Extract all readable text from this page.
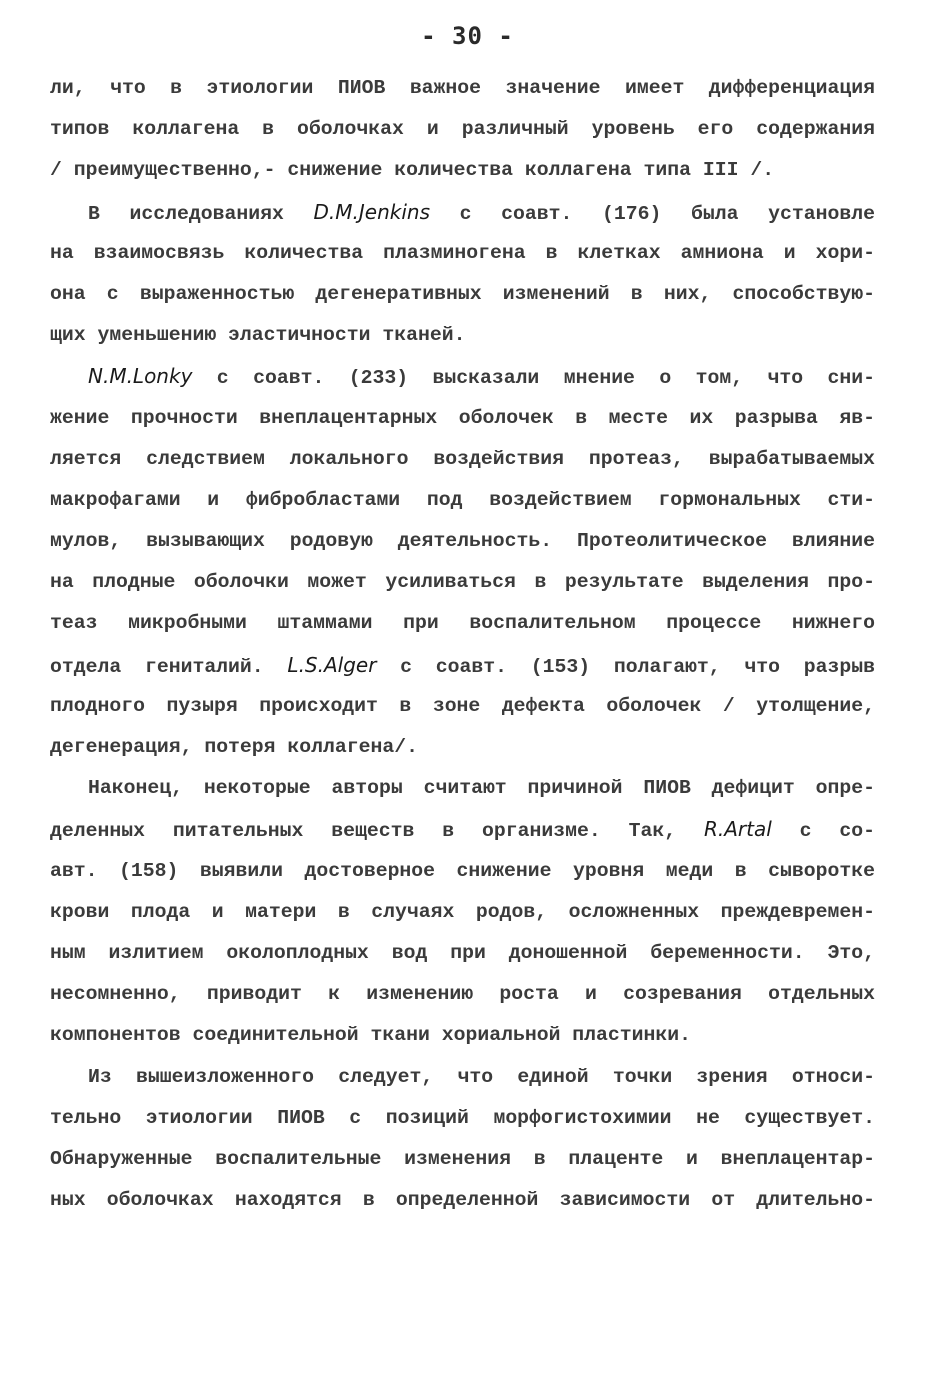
- 30 -
ли, что в этиологии ПИОВ важное значение имеет дифференциация
типов коллагена в оболочках и различный уровень его содержания
/ преимущественно,- снижение количества коллагена типа III /.
В исследованиях D.M.Jenkins с соавт. (176) была установле
на взаимосвязь количества плазминогена в клетках амниона и хори-
она с выраженностью дегенеративных изменений в них, способствую-
щих уменьшению эластичности тканей.
N.M.Lonky с соавт. (233) высказали мнение о том, что сни-
жение прочности внеплацентарных оболочек в месте их разрыва яв-
ляется следствием локального воздействия протеаз, вырабатываемых
макрофагами и фибробластами под воздействием гормональных сти-
мулов, вызывающих родовую деятельность. Протеолитическое влияние
на плодные оболочки может усиливаться в результате выделения про-
теаз микробными штаммами при воспалительном процессе нижнего
отдела гениталий. L.S.Alger с соавт. (153) полагают, что разрыв
плодного пузыря происходит в зоне дефекта оболочек / утолщение,
дегенерация, потеря коллагена/.
Наконец, некоторые авторы считают причиной ПИОВ дефицит опре-
деленных питательных веществ в организме. Так, R.Artal с со-
авт. (158) выявили достоверное снижение уровня меди в сыворотке
крови плода и матери в случаях родов, осложненных преждевремен-
ным излитием околоплодных вод при доношенной беременности. Это,
несомненно, приводит к изменению роста и созревания отдельных
компонентов соединительной ткани хориальной пластинки.
Из вышеизложенного следует, что единой точки зрения относи-
тельно этиологии ПИОВ с позиций морфогистохимии не существует.
Обнаруженные воспалительные изменения в плаценте и внеплацентар-
ных оболочках находятся в определенной зависимости от длительно-
